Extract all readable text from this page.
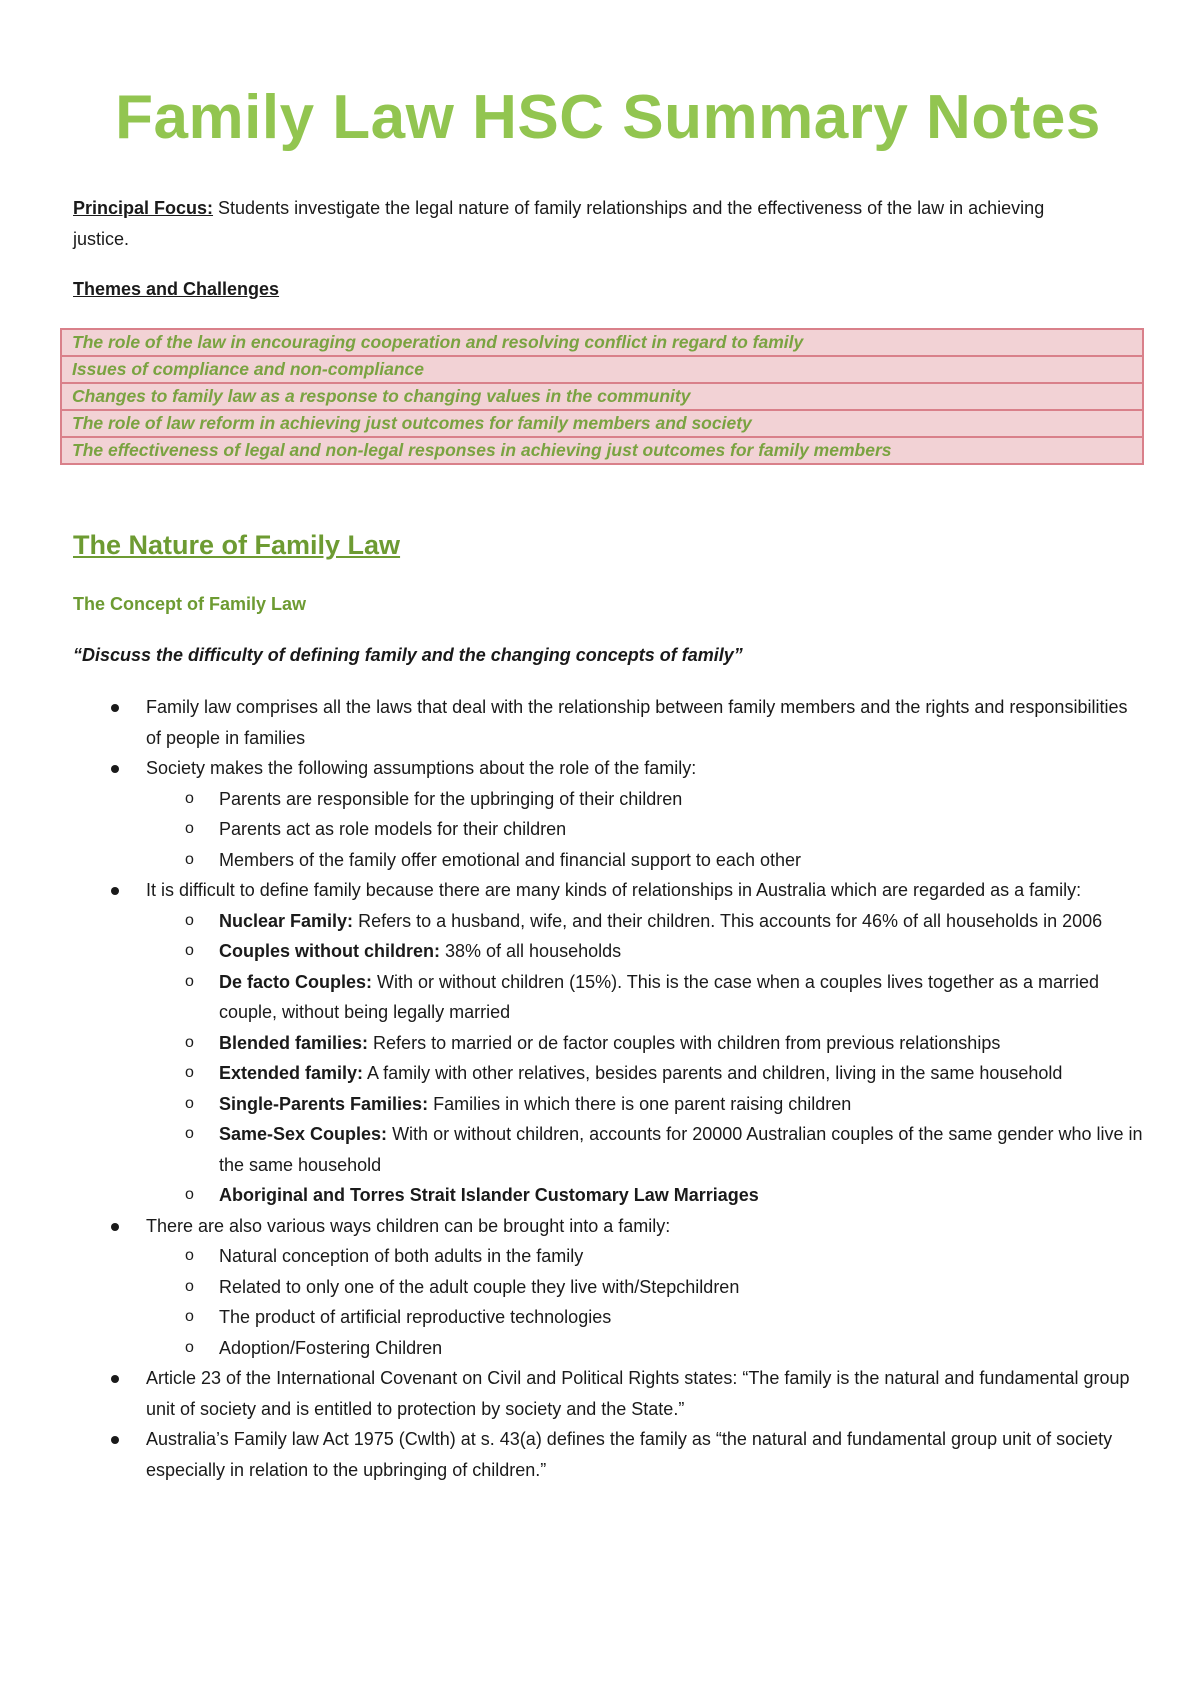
Family Law HSC Summary Notes
Principal Focus: Students investigate the legal nature of family relationships and the effectiveness of the law in achieving justice.
Themes and Challenges
The role of the law in encouraging cooperation and resolving conflict in regard to family
Issues of compliance and non-compliance
Changes to family law as a response to changing values in the community
The role of law reform in achieving just outcomes for family members and society
The effectiveness of legal and non-legal responses in achieving just outcomes for family members
The Nature of Family Law
The Concept of Family Law
“Discuss the difficulty of defining family and the changing concepts of family”
Family law comprises all the laws that deal with the relationship between family members and the rights and responsibilities of people in families
Society makes the following assumptions about the role of the family:
o Parents are responsible for the upbringing of their children
o Parents act as role models for their children
o Members of the family offer emotional and financial support to each other
It is difficult to define family because there are many kinds of relationships in Australia which are regarded as a family:
o Nuclear Family: Refers to a husband, wife, and their children. This accounts for 46% of all households in 2006
o Couples without children: 38% of all households
o De facto Couples: With or without children (15%). This is the case when a couples lives together as a married couple, without being legally married
o Blended families: Refers to married or de factor couples with children from previous relationships
o Extended family: A family with other relatives, besides parents and children, living in the same household
o Single-Parents Families: Families in which there is one parent raising children
o Same-Sex Couples: With or without children, accounts for 20000 Australian couples of the same gender who live in the same household
o Aboriginal and Torres Strait Islander Customary Law Marriages
There are also various ways children can be brought into a family:
o Natural conception of both adults in the family
o Related to only one of the adult couple they live with/Stepchildren
o The product of artificial reproductive technologies
o Adoption/Fostering Children
Article 23 of the International Covenant on Civil and Political Rights states: “The family is the natural and fundamental group unit of society and is entitled to protection by society and the State.”
Australia’s Family law Act 1975 (Cwlth) at s. 43(a) defines the family as “the natural and fundamental group unit of society especially in relation to the upbringing of children.”
